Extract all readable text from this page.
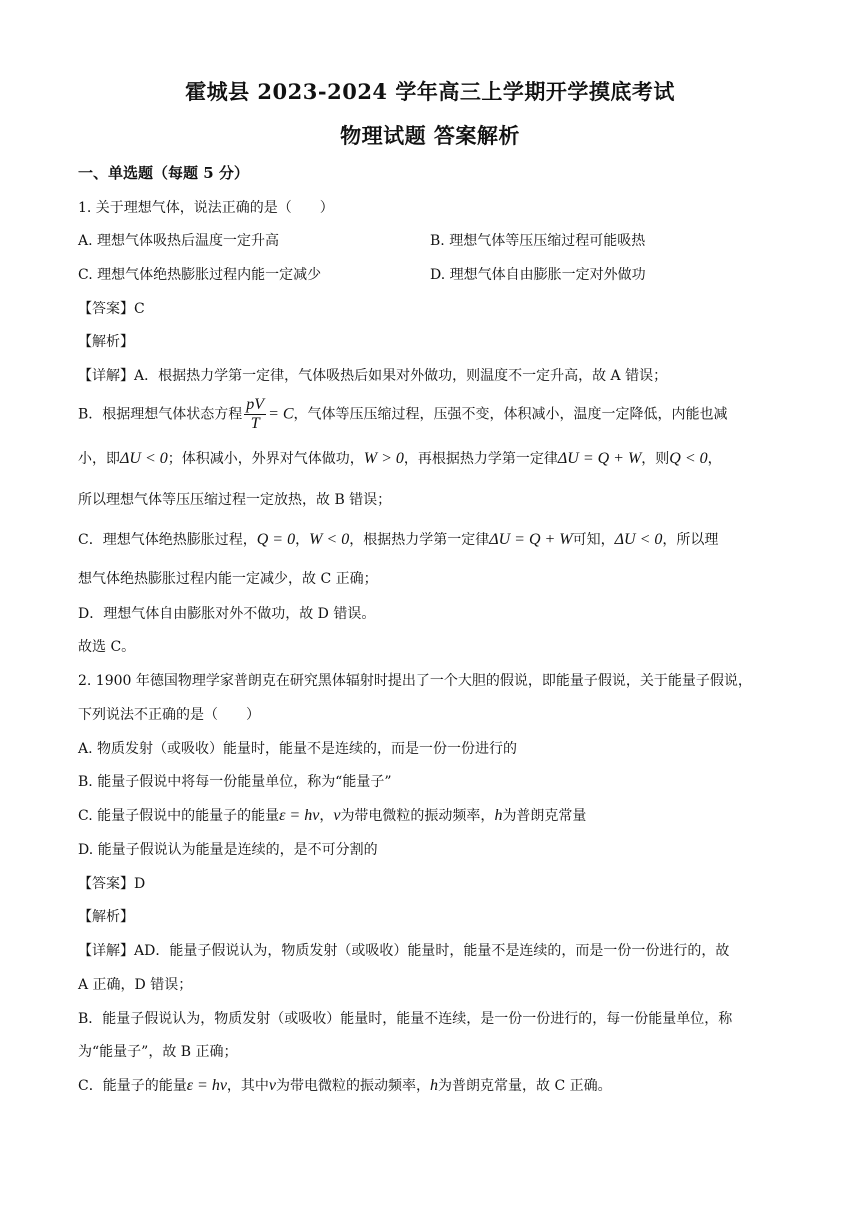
霍城县 2023-2024 学年高三上学期开学摸底考试
物理试题 答案解析
一、单选题（每题 5 分）
1. 关于理想气体，说法正确的是（　　）
A. 理想气体吸热后温度一定升高	B. 理想气体等压压缩过程可能吸热
C. 理想气体绝热膨胀过程内能一定减少	D. 理想气体自由膨胀一定对外做功
【答案】C
【解析】
【详解】A．根据热力学第一定律，气体吸热后如果对外做功，则温度不一定升高，故 A 错误；
B．根据理想气体状态方程 $\frac{pV}{T} = C$，气体等压压缩过程，压强不变，体积减小，温度一定降低，内能也减
小，即ΔU < 0；体积减小，外界对气体做功，W > 0，再根据热力学第一定律ΔU = Q + W，则Q < 0，
所以理想气体等压压缩过程一定放热，故 B 错误；
C．理想气体绝热膨胀过程，Q = 0，W < 0，根据热力学第一定律ΔU = Q + W可知，ΔU < 0，所以理
想气体绝热膨胀过程内能一定减少，故 C 正确；
D．理想气体自由膨胀对外不做功，故 D 错误。
故选 C。
2. 1900 年德国物理学家普朗克在研究黑体辐射时提出了一个大胆的假说，即能量子假说，关于能量子假说，
下列说法不正确的是（　　）
A. 物质发射（或吸收）能量时，能量不是连续的，而是一份一份进行的
B. 能量子假说中将每一份能量单位，称为“能量子”
C. 能量子假说中的能量子的能量ε = hν，ν为带电微粒的振动频率，h为普朗克常量
D. 能量子假说认为能量是连续的，是不可分割的
【答案】D
【解析】
【详解】AD．能量子假说认为，物质发射（或吸收）能量时，能量不是连续的，而是一份一份进行的，故
A 正确，D 错误；
B．能量子假说认为，物质发射（或吸收）能量时，能量不连续，是一份一份进行的，每一份能量单位，称
为“能量子”，故 B 正确；
C．能量子的能量ε = hν，其中ν为带电微粒的振动频率，h为普朗克常量，故 C 正确。
